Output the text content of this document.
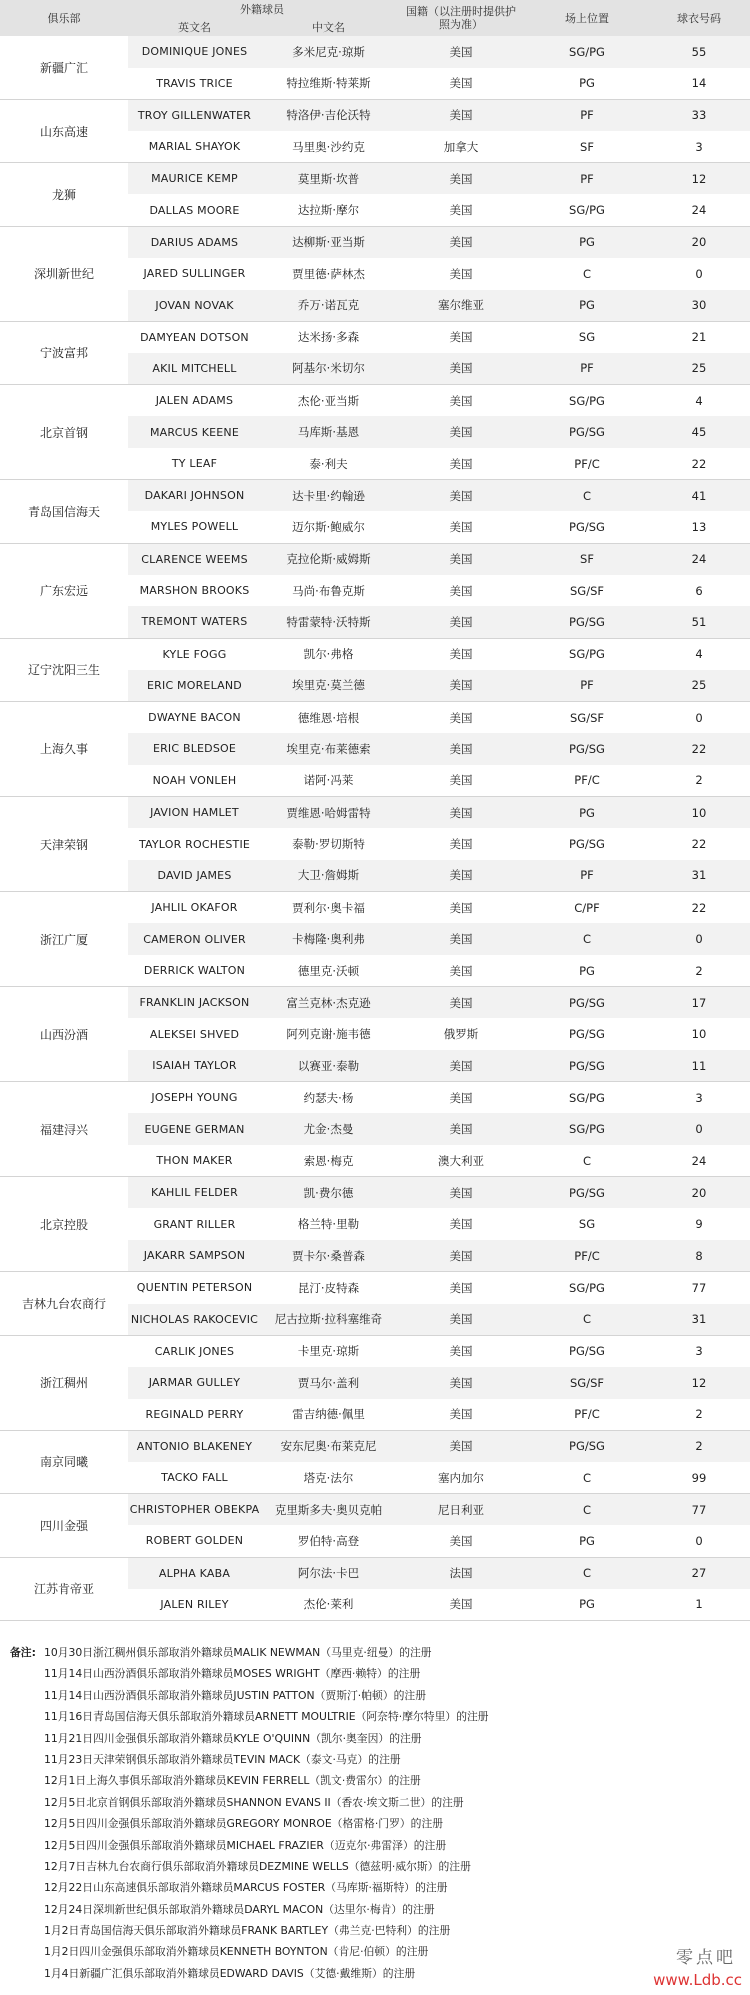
俱乐部	外籍球员		国籍（以注册时提供护照为准）	场上位置	球衣号码
	英文名	中文名			
新疆广汇	DOMINIQUE JONES	多米尼克·琼斯	美国	SG/PG	55
	TRAVIS TRICE	特拉维斯·特莱斯	美国	PG	14
山东高速	TROY GILLENWATER	特洛伊·吉伦沃特	美国	PF	33
	MARIAL SHAYOK	马里奥·沙约克	加拿大	SF	3
龙狮	MAURICE KEMP	莫里斯·坎普	美国	PF	12
	DALLAS MOORE	达拉斯·摩尔	美国	SG/PG	24
深圳新世纪	DARIUS ADAMS	达柳斯·亚当斯	美国	PG	20
	JARED SULLINGER	贾里德·萨林杰	美国	C	0
	JOVAN NOVAK	乔万·诺瓦克	塞尔维亚	PG	30
宁波富邦	DAMYEAN DOTSON	达米扬·多森	美国	SG	21
	AKIL MITCHELL	阿基尔·米切尔	美国	PF	25
北京首钢	JALEN ADAMS	杰伦·亚当斯	美国	SG/PG	4
	MARCUS KEENE	马库斯·基恩	美国	PG/SG	45
	TY LEAF	泰·利夫	美国	PF/C	22
青岛国信海天	DAKARI JOHNSON	达卡里·约翰逊	美国	C	41
	MYLES POWELL	迈尔斯·鲍威尔	美国	PG/SG	13
广东宏远	CLARENCE WEEMS	克拉伦斯·威姆斯	美国	SF	24
	MARSHON BROOKS	马尚·布鲁克斯	美国	SG/SF	6
	TREMONT WATERS	特雷蒙特·沃特斯	美国	PG/SG	51
辽宁沈阳三生	KYLE FOGG	凯尔·弗格	美国	SG/PG	4
	ERIC MORELAND	埃里克·莫兰德	美国	PF	25
上海久事	DWAYNE BACON	德维恩·培根	美国	SG/SF	0
	ERIC BLEDSOE	埃里克·布莱德索	美国	PG/SG	22
	NOAH VONLEH	诺阿·冯莱	美国	PF/C	2
天津荣钢	JAVION HAMLET	贾维恩·哈姆雷特	美国	PG	10
	TAYLOR ROCHESTIE	泰勒·罗切斯特	美国	PG/SG	22
	DAVID JAMES	大卫·詹姆斯	美国	PF	31
浙江广厦	JAHLIL OKAFOR	贾利尔·奥卡福	美国	C/PF	22
	CAMERON OLIVER	卡梅隆·奥利弗	美国	C	0
	DERRICK WALTON	德里克·沃顿	美国	PG	2
山西汾酒	FRANKLIN JACKSON	富兰克林·杰克逊	美国	PG/SG	17
	ALEKSEI SHVED	阿列克谢·施韦德	俄罗斯	PG/SG	10
	ISAIAH TAYLOR	以赛亚·泰勒	美国	PG/SG	11
福建浔兴	JOSEPH YOUNG	约瑟夫·杨	美国	SG/PG	3
	EUGENE GERMAN	尤金·杰曼	美国	SG/PG	0
	THON MAKER	索恩·梅克	澳大利亚	C	24
北京控股	KAHLIL FELDER	凯·费尔德	美国	PG/SG	20
	GRANT RILLER	格兰特·里勒	美国	SG	9
	JAKARR SAMPSON	贾卡尔·桑普森	美国	PF/C	8
吉林九台农商行	QUENTIN PETERSON	昆汀·皮特森	美国	SG/PG	77
	NICHOLAS RAKOCEVIC	尼古拉斯·拉科塞维奇	美国	C	31
浙江稠州	CARLIK JONES	卡里克·琼斯	美国	PG/SG	3
	JARMAR GULLEY	贾马尔·盖利	美国	SG/SF	12
	REGINALD PERRY	雷吉纳德·佩里	美国	PF/C	2
南京同曦	ANTONIO BLAKENEY	安东尼奥·布莱克尼	美国	PG/SG	2
	TACKO FALL	塔克·法尔	塞内加尔	C	99
四川金强	CHRISTOPHER OBEKPA	克里斯多夫·奥贝克帕	尼日利亚	C	77
	ROBERT GOLDEN	罗伯特·高登	美国	PG	0
江苏肯帝亚	ALPHA KABA	阿尔法·卡巴	法国	C	27
	JALEN RILEY	杰伦·莱利	美国	PG	1
备注: 10月30日浙江稠州俱乐部取消外籍球员MALIK NEWMAN（马里克·纽曼）的注册
11月14日山西汾酒俱乐部取消外籍球员MOSES WRIGHT（摩西·赖特）的注册
11月14日山西汾酒俱乐部取消外籍球员JUSTIN PATTON（贾斯汀·帕顿）的注册
11月16日青岛国信海天俱乐部取消外籍球员ARNETT MOULTRIE（阿奈特·摩尔特里）的注册
11月21日四川金强俱乐部取消外籍球员KYLE O'QUINN（凯尔·奥奎因）的注册
11月23日天津荣钢俱乐部取消外籍球员TEVIN MACK（泰文·马克）的注册
12月1日上海久事俱乐部取消外籍球员KEVIN FERRELL（凯文·费雷尔）的注册
12月5日北京首钢俱乐部取消外籍球员SHANNON EVANS II（香农·埃文斯二世）的注册
12月5日四川金强俱乐部取消外籍球员GREGORY MONROE（格雷格·门罗）的注册
12月5日四川金强俱乐部取消外籍球员MICHAEL FRAZIER（迈克尔·弗雷泽）的注册
12月7日吉林九台农商行俱乐部取消外籍球员DEZMINE WELLS（德兹明·威尔斯）的注册
12月22日山东高速俱乐部取消外籍球员MARCUS FOSTER（马库斯·福斯特）的注册
12月24日深圳新世纪俱乐部取消外籍球员DARYL MACON（达里尔·梅肯）的注册
1月2日青岛国信海天俱乐部取消外籍球员FRANK BARTLEY（弗兰克·巴特利）的注册
1月2日四川金强俱乐部取消外籍球员KENNETH BOYNTON（肯尼·伯顿）的注册
1月4日新疆广汇俱乐部取消外籍球员EDWARD DAVIS（艾德·戴维斯）的注册
零点吧
www.Ldb.cc
